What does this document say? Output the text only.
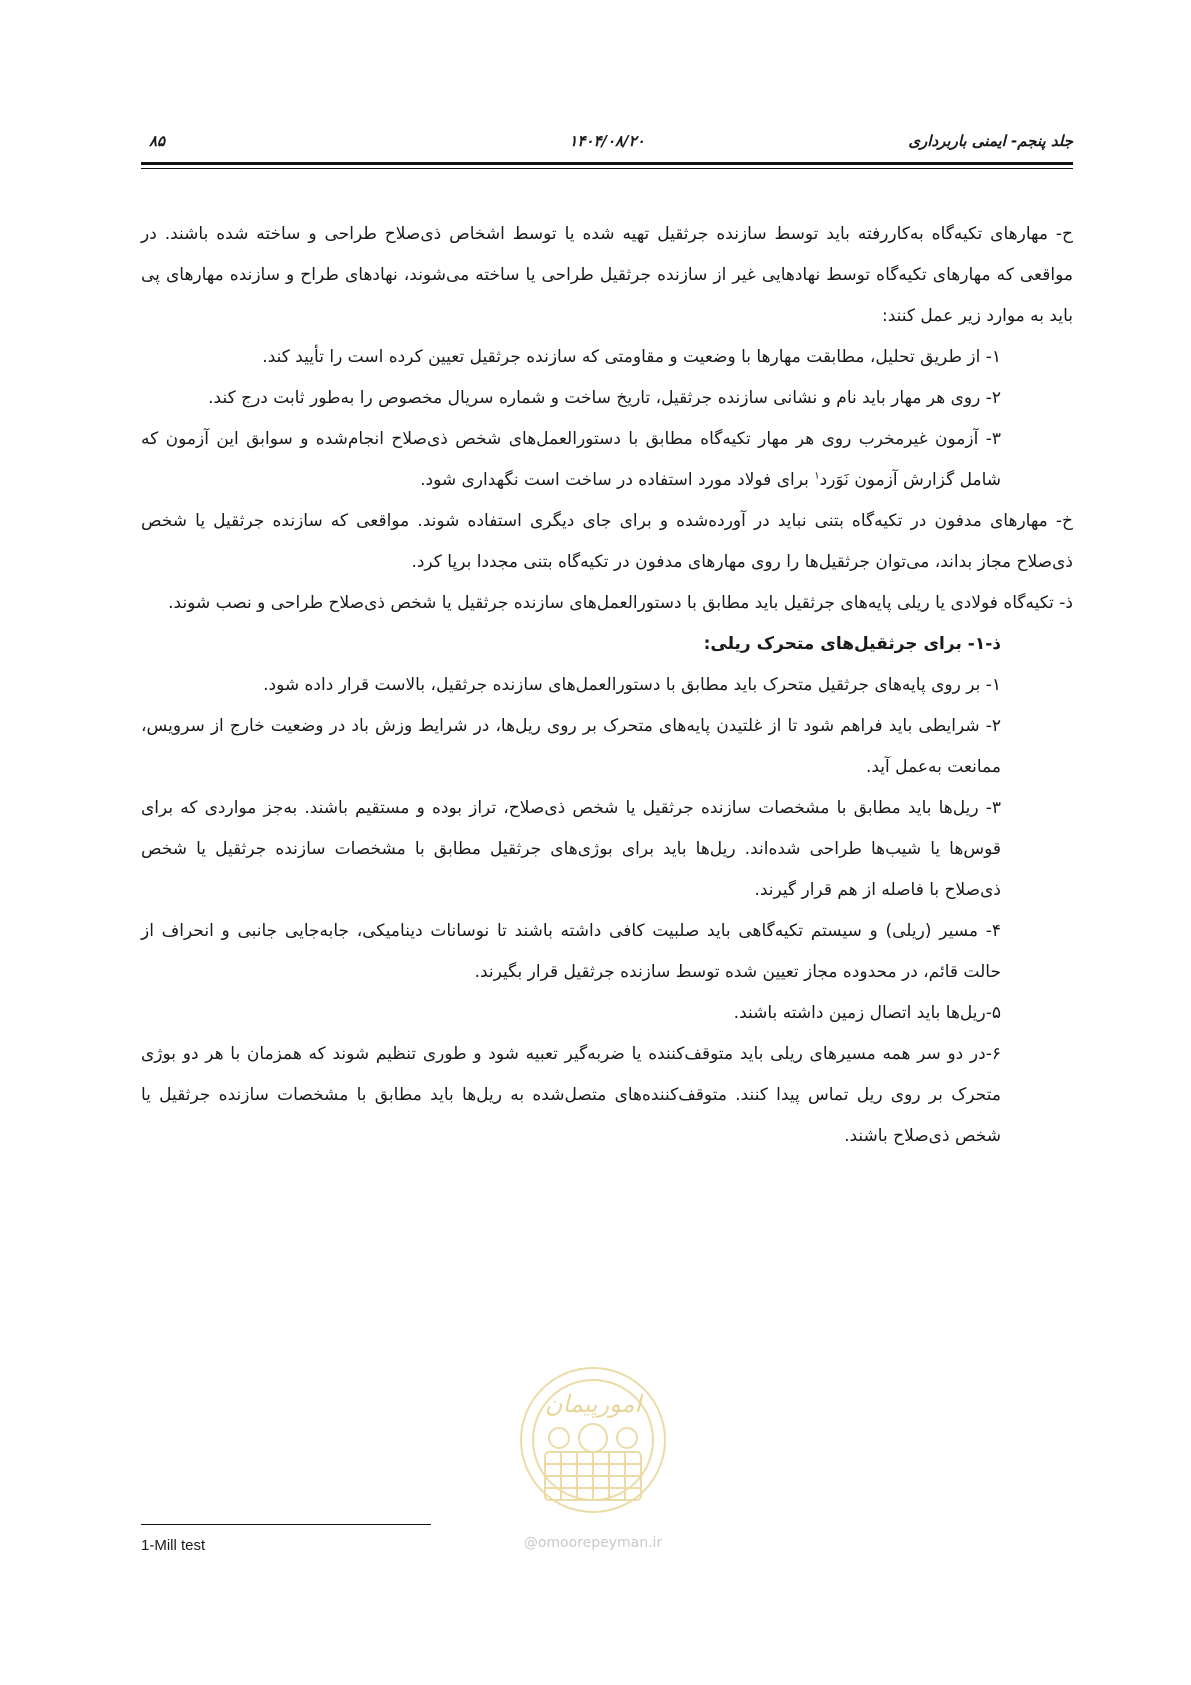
جلد پنجم- ایمنی باربرداری
۱۴۰۴/۰۸/۲۰
۸۵

ح- مهارهای تکیه‌گاه به‌کاررفته باید توسط سازنده جرثقیل تهیه شده یا توسط اشخاص ذی‌صلاح طراحی و ساخته شده باشند. در مواقعی که مهارهای تکیه‌گاه توسط نهادهایی غیر از سازنده جرثقیل طراحی یا ساخته می‌شوند، نهادهای طراح و سازنده مهارهای پی باید به موارد زیر عمل کنند:

۱- از طریق تحلیل، مطابقت مهارها با وضعیت و مقاومتی که سازنده جرثقیل تعیین کرده است را تأیید کند.

۲- روی هر مهار باید نام و نشانی سازنده جرثقیل، تاریخ ساخت و شماره سریال مخصوص را به‌طور ثابت درج کند.

۳- آزمون غیرمخرب روی هر مهار تکیه‌گاه مطابق با دستورالعمل‌های شخص ذی‌صلاح انجام‌شده و سوابق این آزمون که شامل گزارش آزمون نَوَرد$^۱$ برای فولاد مورد استفاده در ساخت است نگهداری شود.

خ- مهارهای مدفون در تکیه‌گاه بتنی نباید در آورده‌شده و برای جای دیگری استفاده شوند. مواقعی که سازنده جرثقیل یا شخص ذی‌صلاح مجاز بداند، می‌توان جرثقیل‌ها را روی مهارهای مدفون در تکیه‌گاه بتنی مجددا برپا کرد.

ذ- تکیه‌گاه فولادی یا ریلی پایه‌های جرثقیل باید مطابق با دستورالعمل‌های سازنده جرثقیل یا شخص ذی‌صلاح طراحی و نصب شوند.

ذ-۱- برای جرثقیل‌های متحرک ریلی:

۱- بر روی پایه‌های جرثقیل متحرک باید مطابق با دستورالعمل‌های سازنده جرثقیل، بالاست قرار داده شود.

۲- شرایطی باید فراهم شود تا از غلتیدن پایه‌های متحرک بر روی ریل‌ها، در شرایط وزش باد در وضعیت خارج از سرویس، ممانعت به‌عمل آید.

۳- ریل‌ها باید مطابق با مشخصات سازنده جرثقیل یا شخص ذی‌صلاح، تراز بوده و مستقیم باشند. به‌جز مواردی که برای قوس‌ها یا شیب‌ها طراحی شده‌اند. ریل‌ها باید برای بوژی‌های جرثقیل مطابق با مشخصات سازنده جرثقیل یا شخص ذی‌صلاح با فاصله از هم قرار گیرند.

۴- مسیر (ریلی) و سیستم تکیه‌گاهی باید صلبیت کافی داشته باشند تا نوسانات دینامیکی، جابه‌جایی جانبی و انحراف از حالت قائم، در محدوده مجاز تعیین شده توسط سازنده جرثقیل قرار بگیرند.

۵-ریل‌ها باید اتصال زمین داشته باشند.

۶-در دو سر همه مسیرهای ریلی باید متوقف‌کننده یا ضربه‌گیر تعبیه شود و طوری تنظیم شوند که همزمان با هر دو بوژی متحرک بر روی ریل تماس پیدا کنند. متوقف‌کننده‌های متصل‌شده به ریل‌ها باید مطابق با مشخصات سازنده جرثقیل یا شخص ذی‌صلاح باشند.

امورپیمان
@omoorepeyman.ir
1-Mill test
